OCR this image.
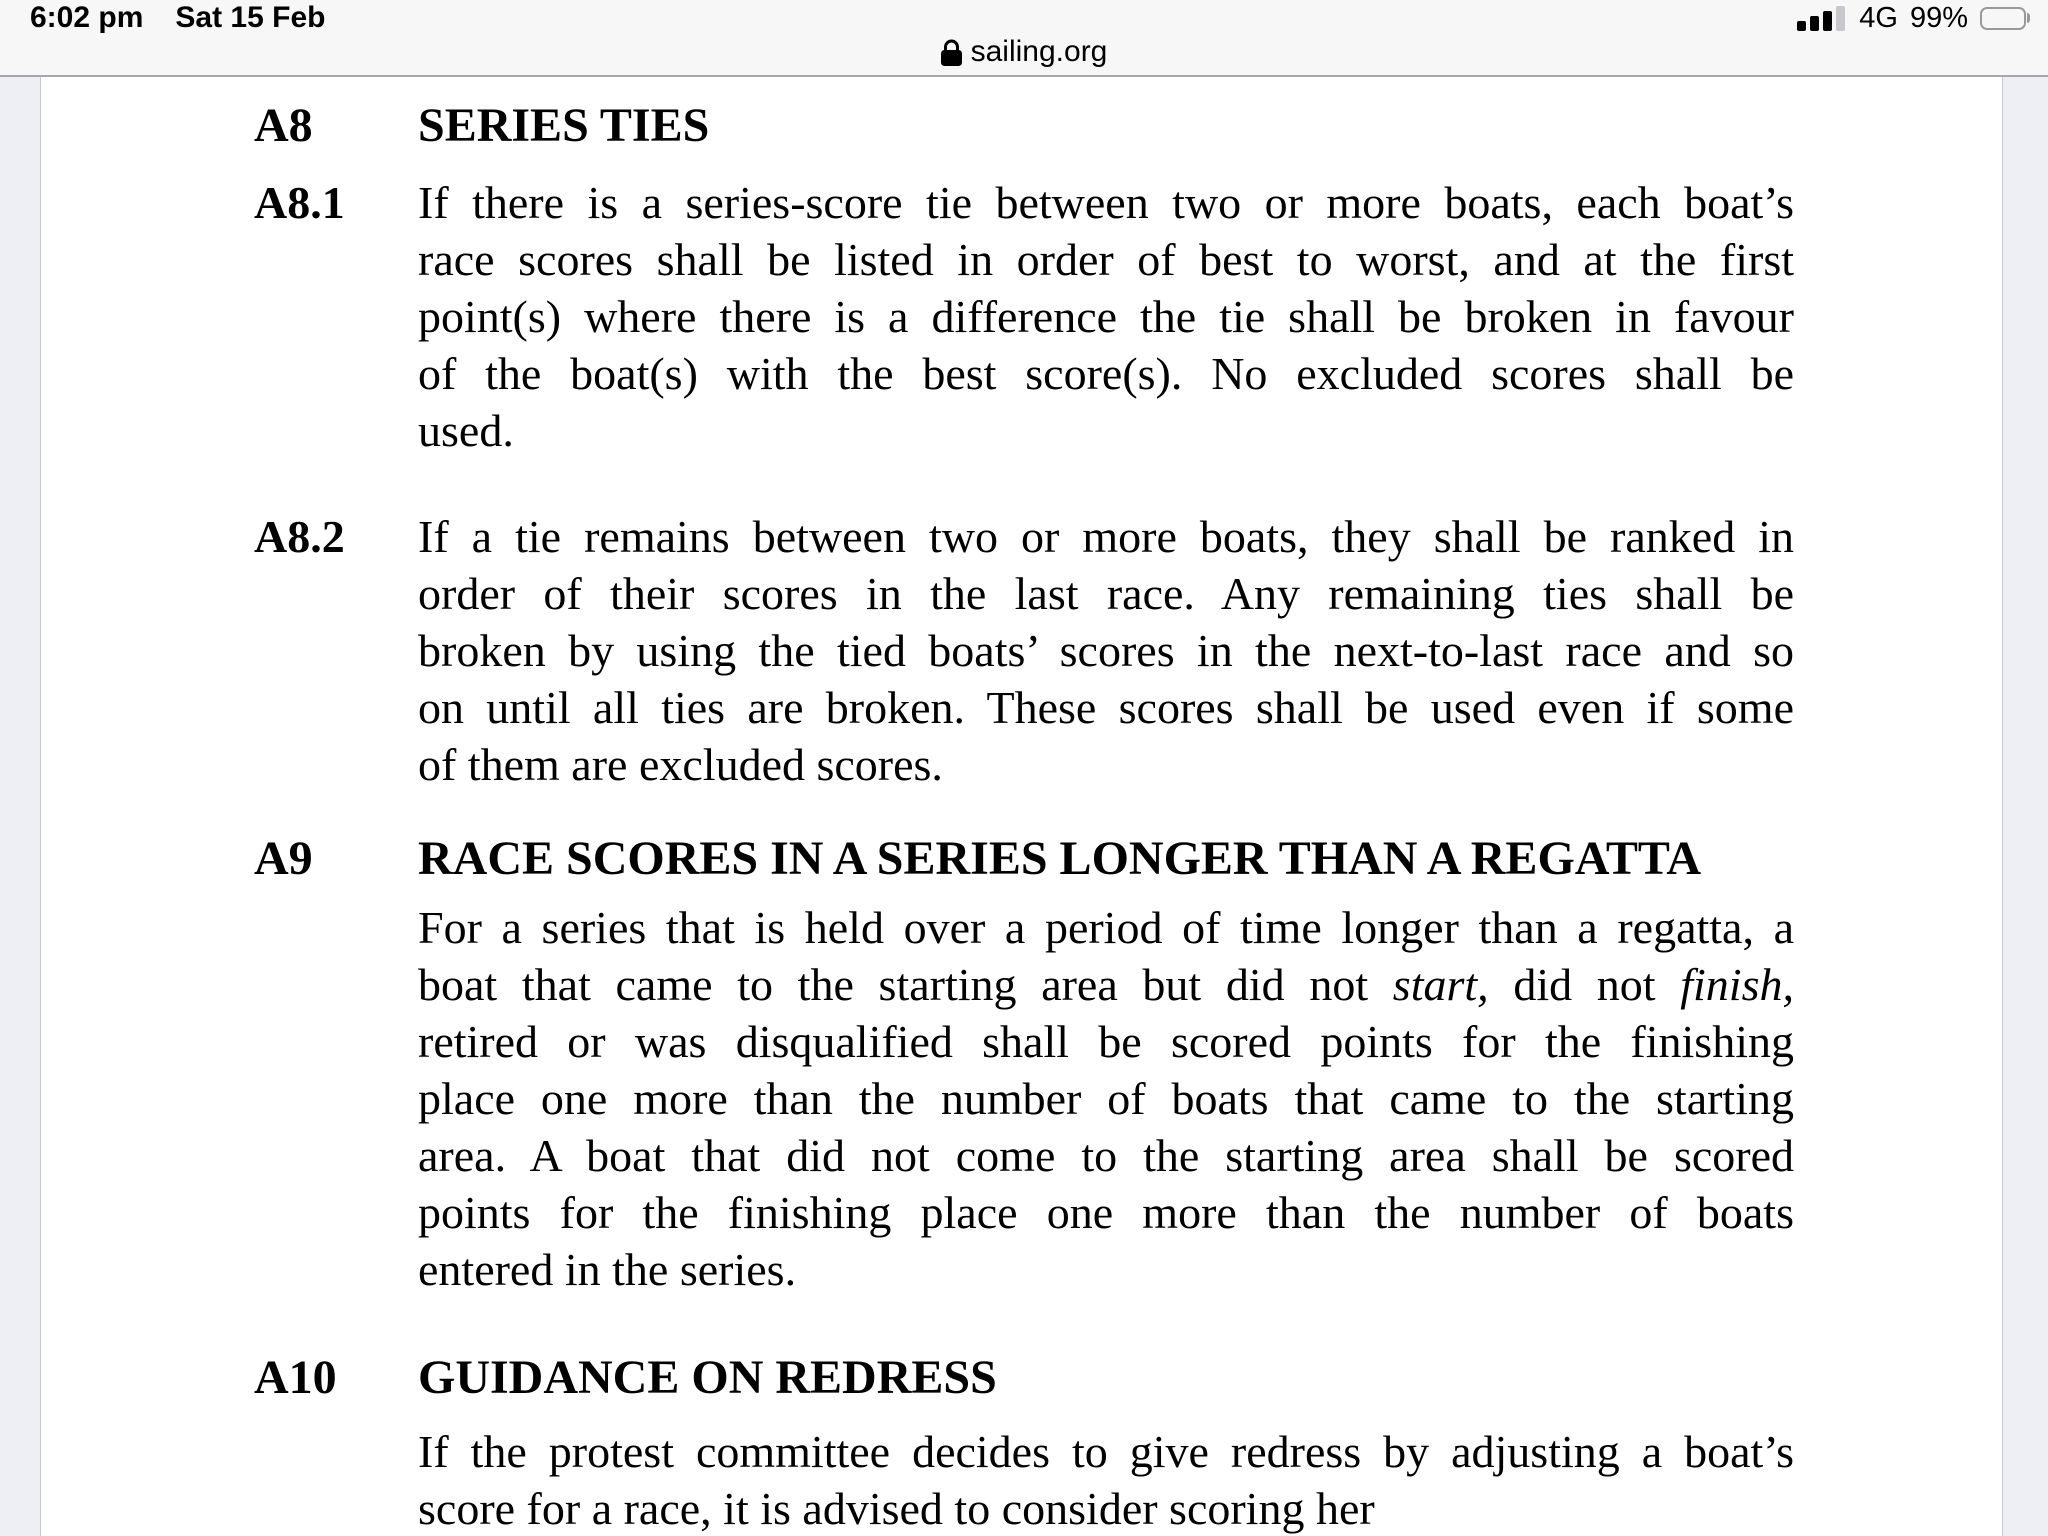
6:02 pm Sat 15 Feb	4G 99%
sailing.org
A8	SERIES TIES
A8.1	If there is a series-score tie between two or more boats, each boat’s
race scores shall be listed in order of best to worst, and at the first
point(s) where there is a difference the tie shall be broken in favour
of the boat(s) with the best score(s). No excluded scores shall be
used.
A8.2	If a tie remains between two or more boats, they shall be ranked in
order of their scores in the last race. Any remaining ties shall be
broken by using the tied boats’ scores in the next-to-last race and so
on until all ties are broken. These scores shall be used even if some
of them are excluded scores.
A9	RACE SCORES IN A SERIES LONGER THAN A REGATTA
For a series that is held over a period of time longer than a regatta, a
boat that came to the starting area but did not start, did not finish,
retired or was disqualified shall be scored points for the finishing
place one more than the number of boats that came to the starting
area. A boat that did not come to the starting area shall be scored
points for the finishing place one more than the number of boats
entered in the series.
A10	GUIDANCE ON REDRESS
If the protest committee decides to give redress by adjusting a boat’s
score for a race, it is advised to consider scoring her
